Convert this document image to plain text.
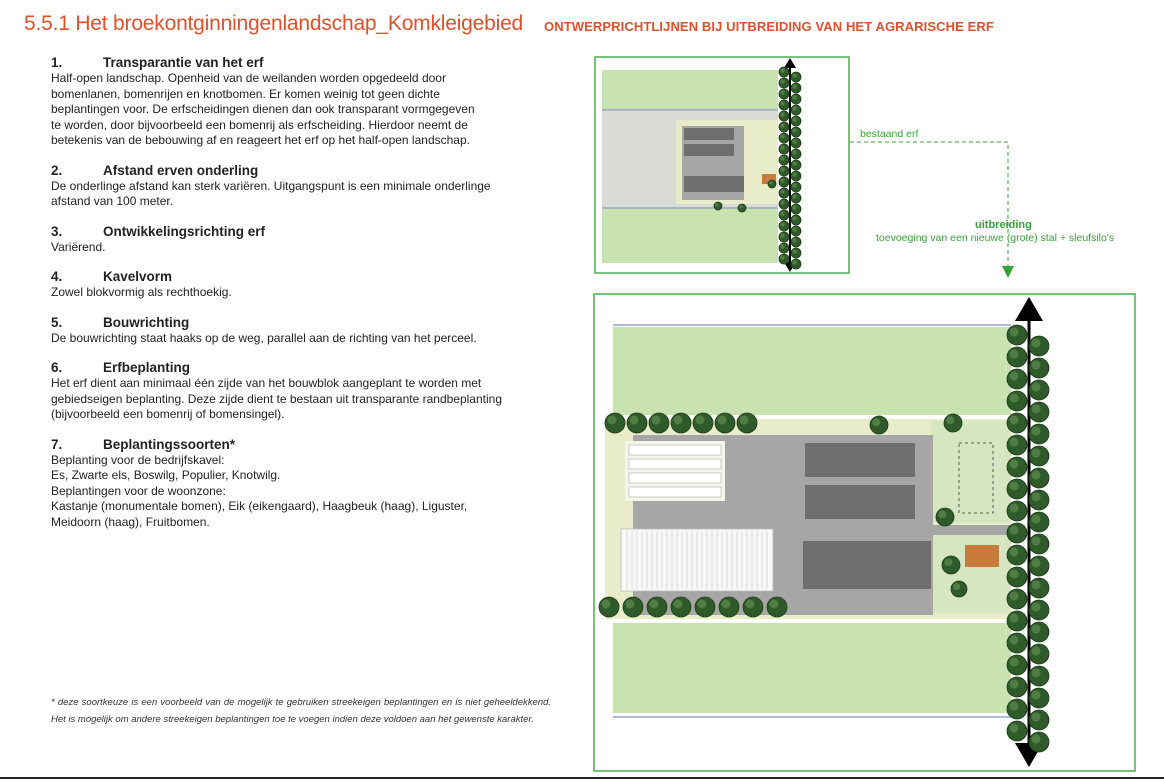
5.5.1 Het broekontginningenlandschap_Komkleigebied ONTWERPRICHTLIJNEN BIJ UITBREIDING VAN HET AGRARISCHE ERF
1.	Transparantie van het erf
Half-open landschap. Openheid van de weilanden worden opgedeeld door
bomenlanen, bomenrijen en knotbomen. Er komen weinig tot geen dichte
beplantingen voor. De erfscheidingen dienen dan ook transparant vormgegeven
te worden, door bijvoorbeeld een bomenrij als erfscheiding. Hierdoor neemt de
betekenis van de bebouwing af en reageert het erf op het half-open landschap.
2.	Afstand erven onderling
De onderlinge afstand kan sterk variëren. Uitgangspunt is een minimale onderlinge
afstand van 100 meter.
3.	Ontwikkelingsrichting erf
Variërend.
4.	Kavelvorm
Zowel blokvormig als rechthoekig.
5.	Bouwrichting
De bouwrichting staat haaks op de weg, parallel aan de richting van het perceel.
6.	Erfbeplanting
Het erf dient aan minimaal één zijde van het bouwblok aangeplant te worden met
gebiedseigen beplanting. Deze zijde dient te bestaan uit transparante randbeplanting
(bijvoorbeeld een bomenrij of bomensingel).
7.	Beplantingssoorten*
Beplanting voor de bedrijfskavel:
Es, Zwarte els, Boswilg, Populier, Knotwilg.
Beplantingen voor de woonzone:
Kastanje (monumentale bomen), Eik (eikengaard), Haagbeuk (haag), Liguster,
Meidoorn (haag), Fruitbomen.
* deze soortkeuze is een voorbeeld van de mogelijk te gebruiken streekeigen beplantingen en is niet geheeldekkend. Het is mogelijk om andere streekeigen beplantingen toe te voegen indien deze voldoen aan het gewenste karakter.
bestaand erf
uitbreiding
toevoeging van een nieuwe (grote) stal + sleufsilo's
